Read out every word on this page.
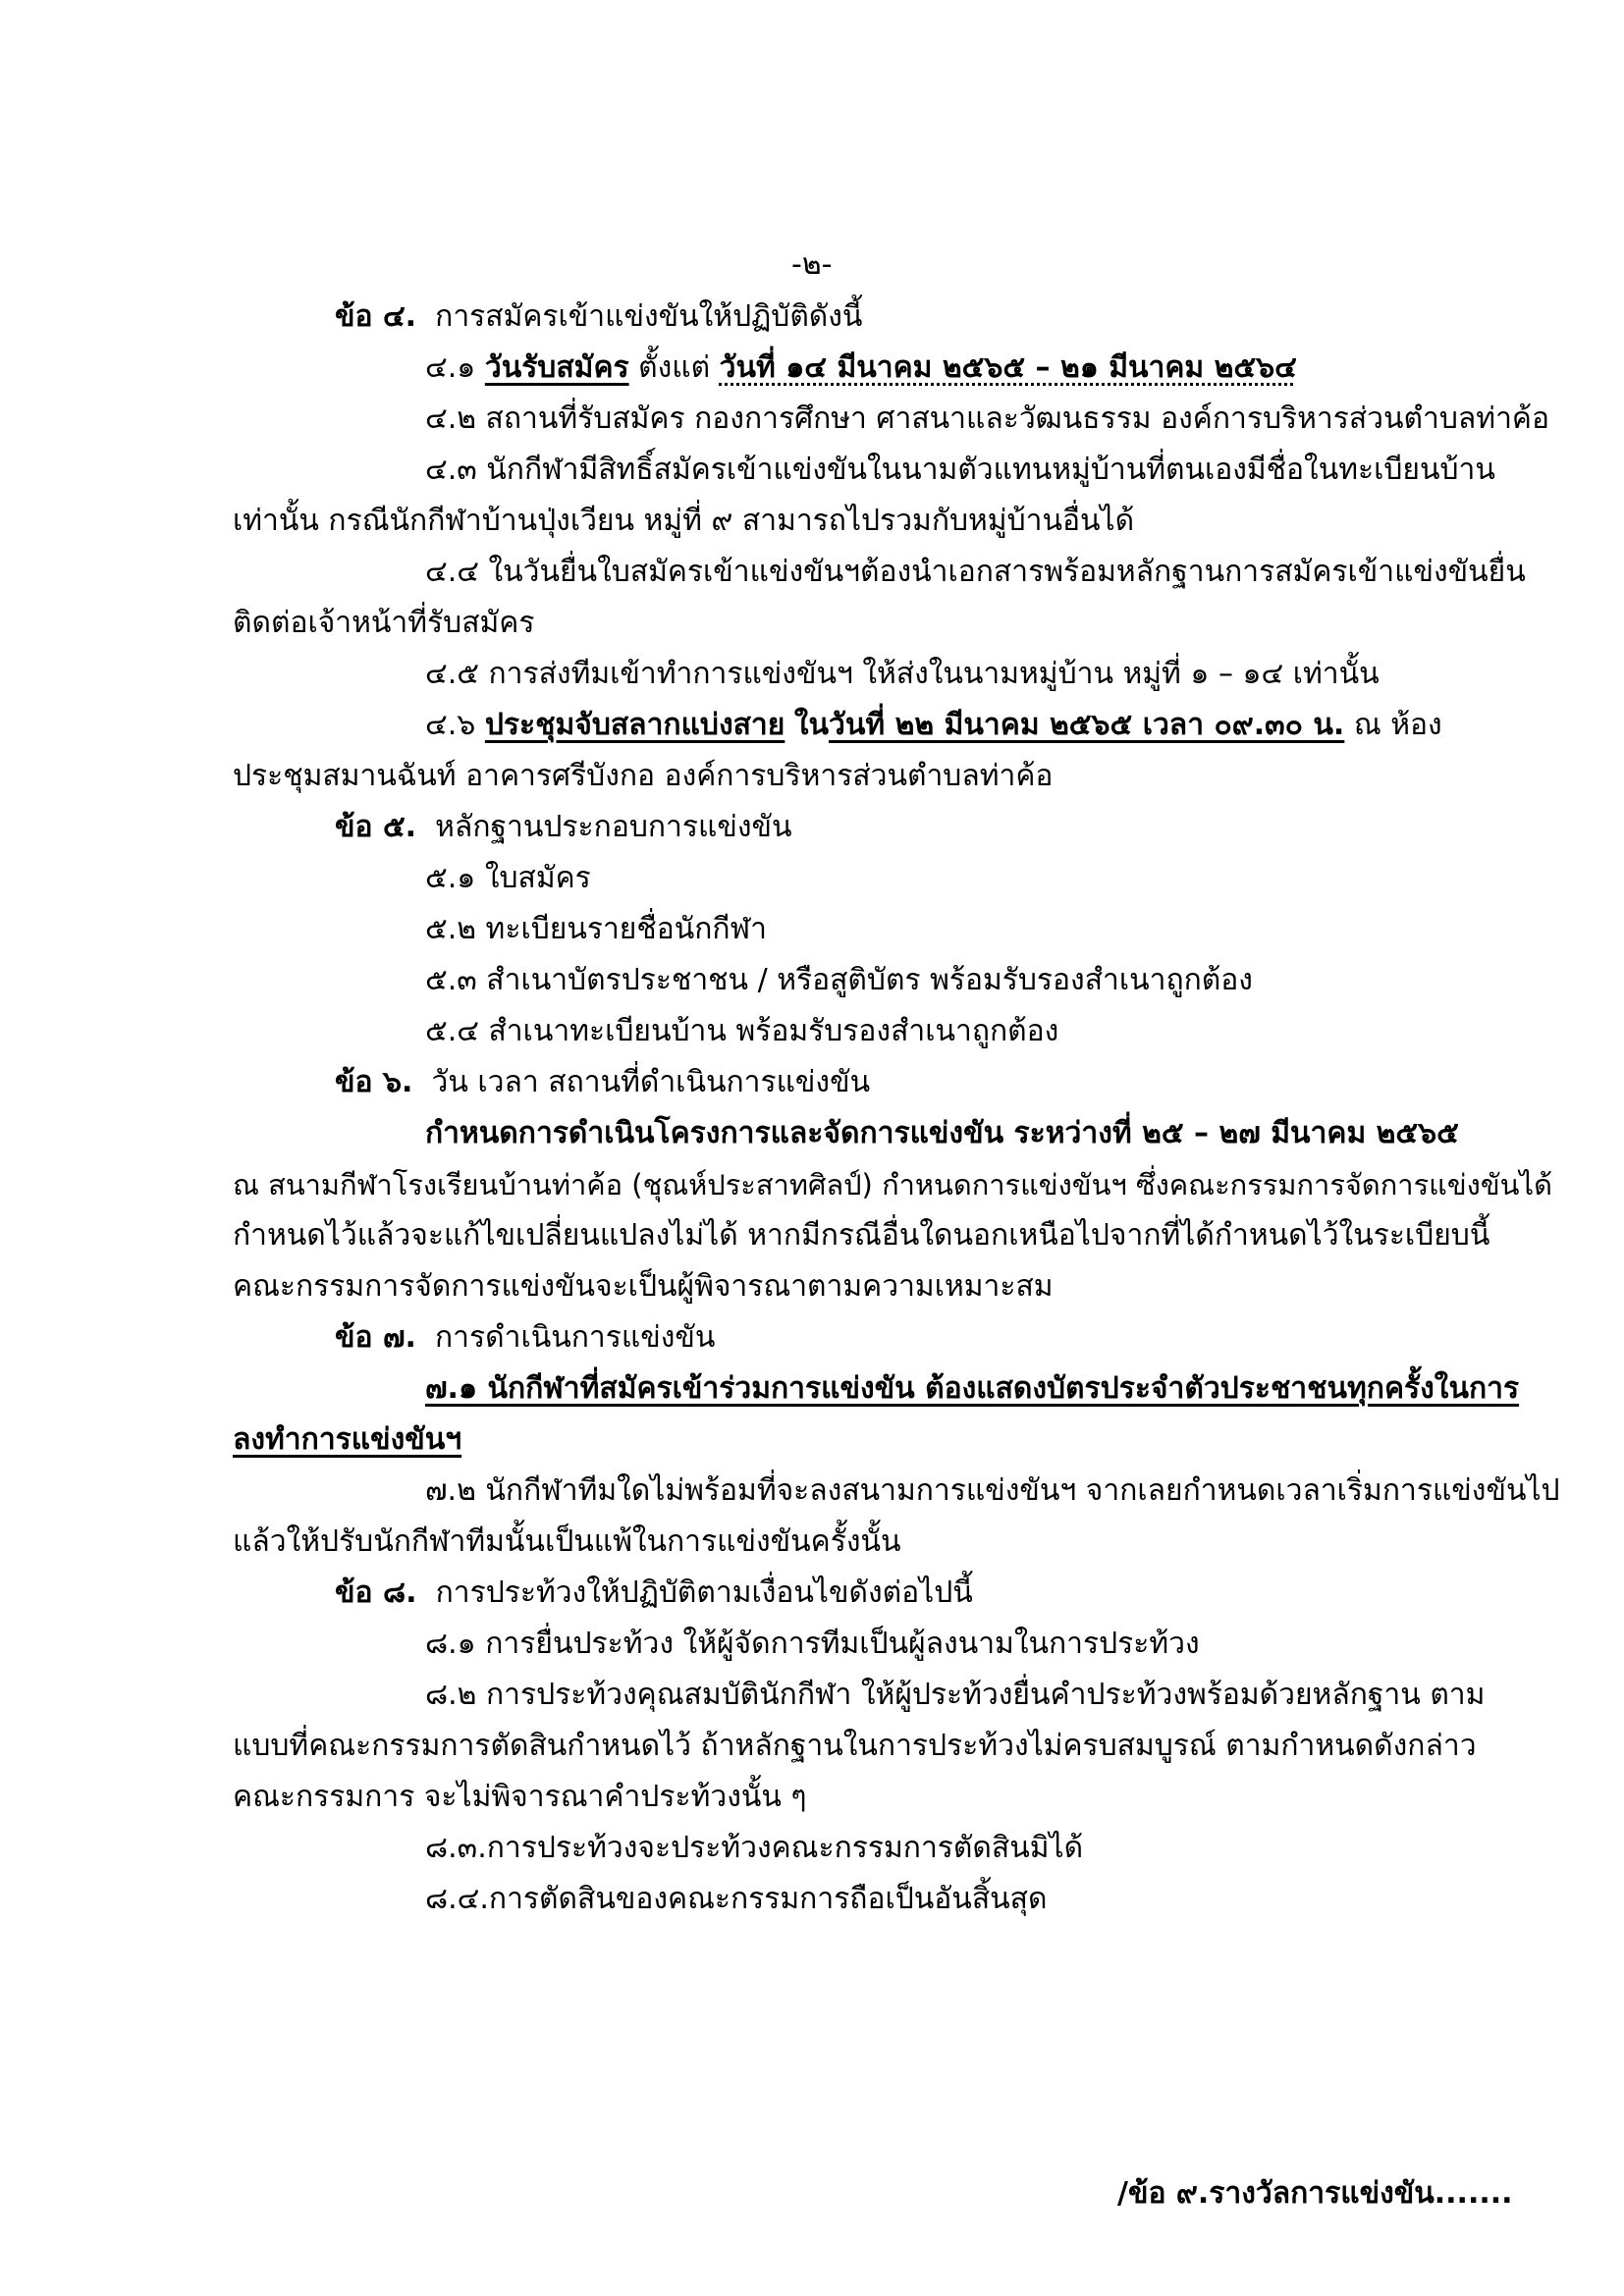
-๒-
ข้อ ๔. การสมัครเข้าแข่งขันให้ปฏิบัติดังนี้
๔.๑ วันรับสมัคร ตั้งแต่ วันที่ ๑๔ มีนาคม ๒๕๖๕ – ๒๑ มีนาคม ๒๕๖๔
๔.๒ สถานที่รับสมัคร กองการศึกษา ศาสนาและวัฒนธรรม องค์การบริหารส่วนตำบลท่าค้อ
๔.๓ นักกีฬามีสิทธิ์สมัครเข้าแข่งขันในนามตัวแทนหมู่บ้านที่ตนเองมีชื่อในทะเบียนบ้าน
เท่านั้น กรณีนักกีฬาบ้านปุ่งเวียน หมู่ที่ ๙ สามารถไปรวมกับหมู่บ้านอื่นได้
๔.๔ ในวันยื่นใบสมัครเข้าแข่งขันฯต้องนำเอกสารพร้อมหลักฐานการสมัครเข้าแข่งขันยื่น
ติดต่อเจ้าหน้าที่รับสมัคร
๔.๕ การส่งทีมเข้าทำการแข่งขันฯ ให้ส่งในนามหมู่บ้าน หมู่ที่ ๑ – ๑๔ เท่านั้น
๔.๖ ประชุมจับสลากแบ่งสาย ในวันที่ ๒๒ มีนาคม ๒๕๖๕ เวลา ๐๙.๓๐ น. ณ ห้อง
ประชุมสมานฉันท์ อาคารศรีบังกอ องค์การบริหารส่วนตำบลท่าค้อ
ข้อ ๕. หลักฐานประกอบการแข่งขัน
๕.๑ ใบสมัคร
๕.๒ ทะเบียนรายชื่อนักกีฬา
๕.๓ สำเนาบัตรประชาชน / หรือสูติบัตร พร้อมรับรองสำเนาถูกต้อง
๕.๔ สำเนาทะเบียนบ้าน พร้อมรับรองสำเนาถูกต้อง
ข้อ ๖. วัน เวลา สถานที่ดำเนินการแข่งขัน
กำหนดการดำเนินโครงการและจัดการแข่งขัน ระหว่างที่ ๒๕ – ๒๗ มีนาคม ๒๕๖๕
ณ สนามกีฬาโรงเรียนบ้านท่าค้อ (ชุณห์ประสาทศิลป์) กำหนดการแข่งขันฯ ซึ่งคณะกรรมการจัดการแข่งขันได้
กำหนดไว้แล้วจะแก้ไขเปลี่ยนแปลงไม่ได้ หากมีกรณีอื่นใดนอกเหนือไปจากที่ได้กำหนดไว้ในระเบียบนี้
คณะกรรมการจัดการแข่งขันจะเป็นผู้พิจารณาตามความเหมาะสม
ข้อ ๗. การดำเนินการแข่งขัน
๗.๑ นักกีฬาที่สมัครเข้าร่วมการแข่งขัน ต้องแสดงบัตรประจำตัวประชาชนทุกครั้งในการ
ลงทำการแข่งขันฯ
๗.๒ นักกีฬาทีมใดไม่พร้อมที่จะลงสนามการแข่งขันฯ จากเลยกำหนดเวลาเริ่มการแข่งขันไป
แล้วให้ปรับนักกีฬาทีมนั้นเป็นแพ้ในการแข่งขันครั้งนั้น
ข้อ ๘. การประท้วงให้ปฏิบัติตามเงื่อนไขดังต่อไปนี้
๘.๑ การยื่นประท้วง ให้ผู้จัดการทีมเป็นผู้ลงนามในการประท้วง
๘.๒ การประท้วงคุณสมบัตินักกีฬา ให้ผู้ประท้วงยื่นคำประท้วงพร้อมด้วยหลักฐาน ตาม
แบบที่คณะกรรมการตัดสินกำหนดไว้ ถ้าหลักฐานในการประท้วงไม่ครบสมบูรณ์ ตามกำหนดดังกล่าว
คณะกรรมการ จะไม่พิจารณาคำประท้วงนั้น ๆ
๘.๓.การประท้วงจะประท้วงคณะกรรมการตัดสินมิได้
๘.๔.การตัดสินของคณะกรรมการถือเป็นอันสิ้นสุด
/ข้อ ๙.รางวัลการแข่งขัน.......
